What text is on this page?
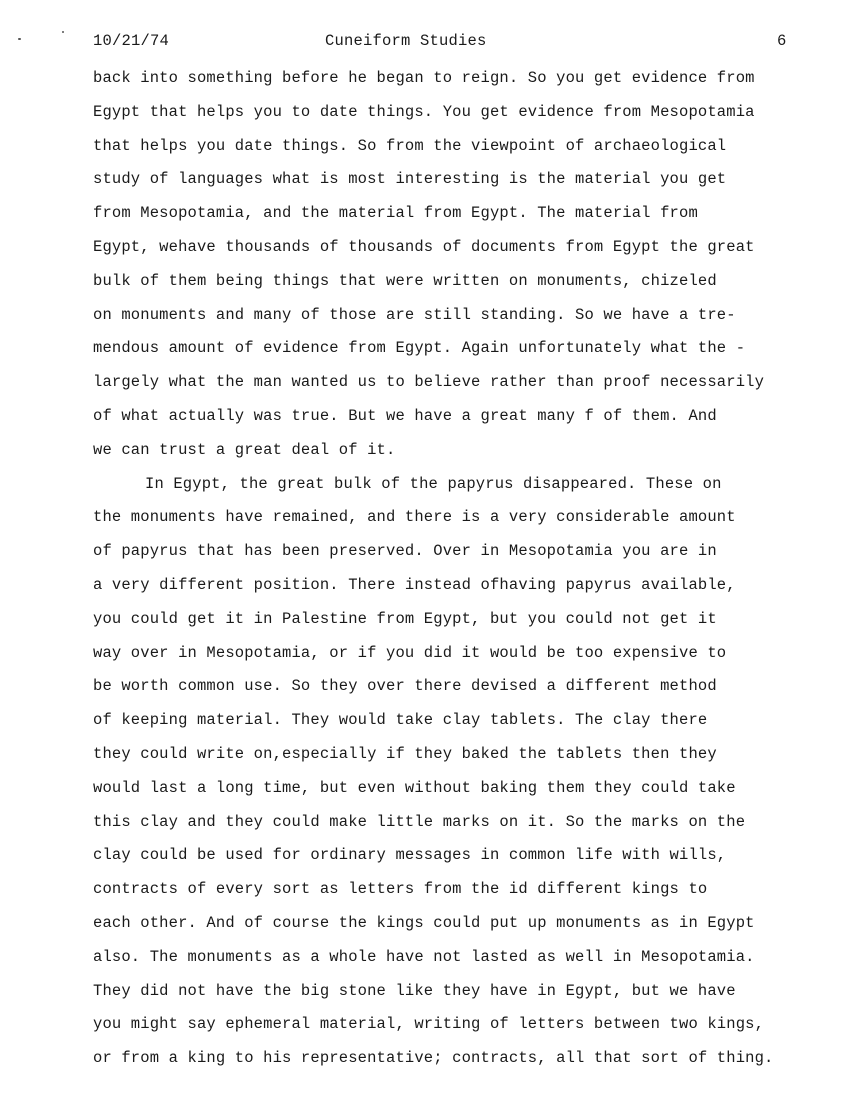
10/21/74	Cuneiform Studies	6
back into something before he began to reign. So you get evidence from
Egypt that helps you to date things. You get evidence from Mesopotamia
that helps you date things. So from the viewpoint of archaeological
study of languages what is most interesting is the material you get
from Mesopotamia, and the material from Egypt. The material from
Egypt, wehave thousands of thousands of documents from Egypt the great
bulk of them being things that were written on monuments, chizeled
on monuments and many of those are still standing. So we have a tre-
mendous amount of evidence from Egypt. Again unfortunately what the -
largely what the man wanted us to believe rather than proof necessarily
of what actually was true. But we have a great many f of them. And
we can trust a great deal of it.
In Egypt, the great bulk of the papyrus disappeared. These on
the monuments have remained, and there is a very considerable amount
of papyrus that has been preserved. Over in Mesopotamia you are in
a very different position. There instead ofhaving papyrus available,
you could get it in Palestine from Egypt, but you could not get it
way over in Mesopotamia, or if you did it would be too expensive to
be worth common use. So they over there devised a different method
of keeping material. They would take clay tablets. The clay there
they could write on,especially if they baked the tablets then they
would last a long time, but even without baking them they could take
this clay and they could make little marks on it. So the marks on the
clay could be used for ordinary messages in common life with wills,
contracts of every sort as letters from the id different kings to
each other. And of course the kings could put up monuments as in Egypt
also. The monuments as a whole have not lasted as well in Mesopotamia.
They did not have the big stone like they have in Egypt, but we have
you might say ephemeral material, writing of letters between two kings,
or from a king to his representative; contracts, all that sort of thing.
